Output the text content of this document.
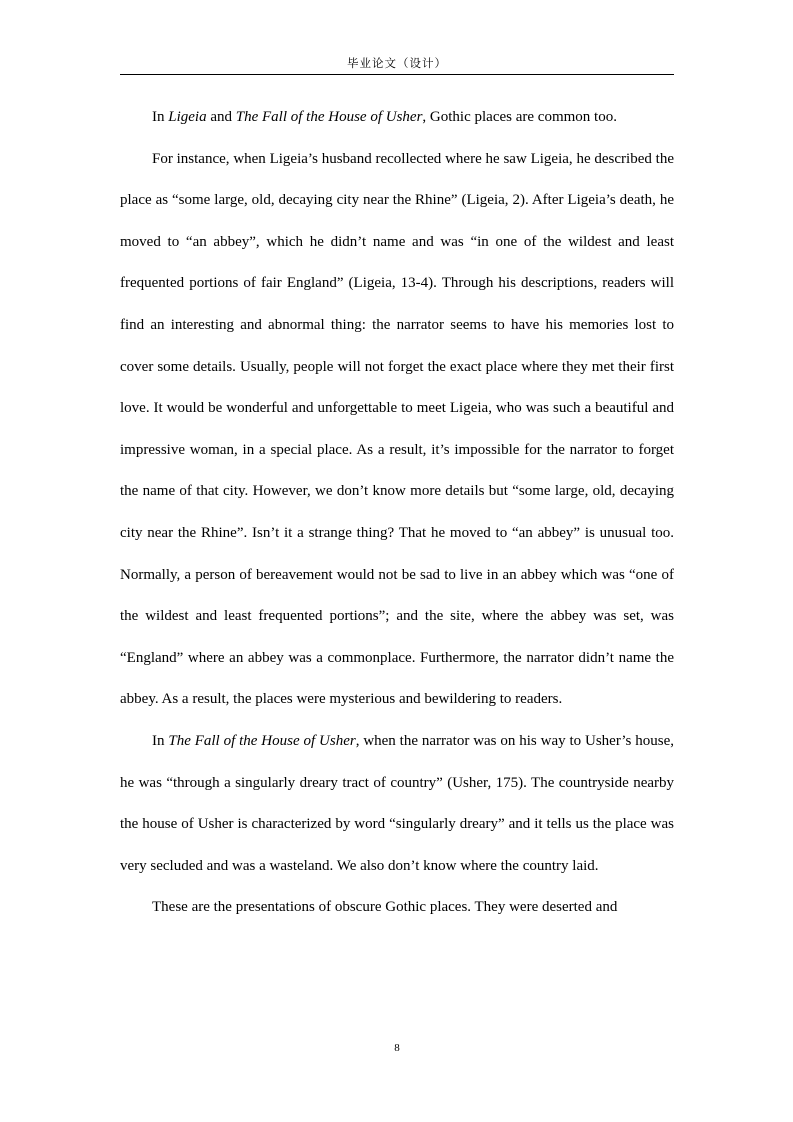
毕业论文（设计）

In Ligeia and The Fall of the House of Usher, Gothic places are common too.

For instance, when Ligeia’s husband recollected where he saw Ligeia, he described the place as “some large, old, decaying city near the Rhine” (Ligeia, 2). After Ligeia’s death, he moved to “an abbey”, which he didn’t name and was “in one of the wildest and least frequented portions of fair England” (Ligeia, 13-4). Through his descriptions, readers will find an interesting and abnormal thing: the narrator seems to have his memories lost to cover some details. Usually, people will not forget the exact place where they met their first love. It would be wonderful and unforgettable to meet Ligeia, who was such a beautiful and impressive woman, in a special place. As a result, it’s impossible for the narrator to forget the name of that city. However, we don’t know more details but “some large, old, decaying city near the Rhine”. Isn’t it a strange thing? That he moved to “an abbey” is unusual too. Normally, a person of bereavement would not be sad to live in an abbey which was “one of the wildest and least frequented portions”; and the site, where the abbey was set, was “England” where an abbey was a commonplace. Furthermore, the narrator didn’t name the abbey. As a result, the places were mysterious and bewildering to readers.

In The Fall of the House of Usher, when the narrator was on his way to Usher’s house, he was “through a singularly dreary tract of country” (Usher, 175). The countryside nearby the house of Usher is characterized by word “singularly dreary” and it tells us the place was very secluded and was a wasteland. We also don’t know where the country laid.

These are the presentations of obscure Gothic places. They were deserted and

8
